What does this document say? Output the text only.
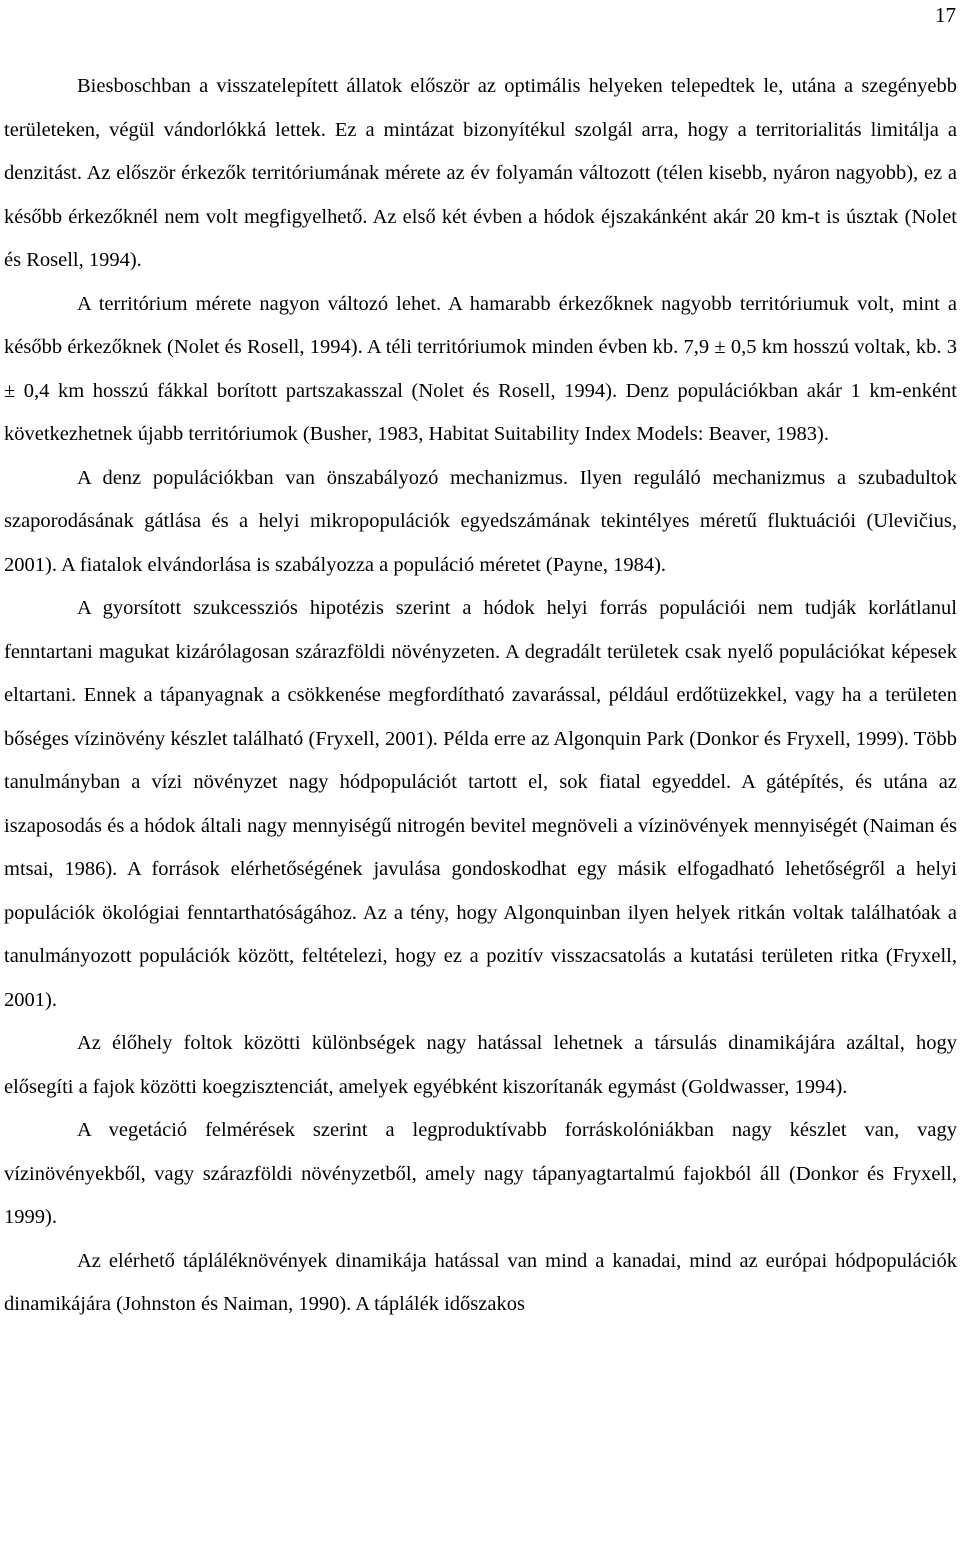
17

Biesboschban a visszatelepített állatok először az optimális helyeken telepedtek le, utána a szegényebb területeken, végül vándorlókká lettek. Ez a mintázat bizonyítékul szolgál arra, hogy a territorialitás limitálja a denzitást. Az először érkezők territóriumának mérete az év folyamán változott (télen kisebb, nyáron nagyobb), ez a később érkezőknél nem volt megfigyelhető. Az első két évben a hódok éjszakánként akár 20 km-t is úsztak (Nolet és Rosell, 1994).

A territórium mérete nagyon változó lehet. A hamarabb érkezőknek nagyobb territóriumuk volt, mint a később érkezőknek (Nolet és Rosell, 1994). A téli territóriumok minden évben kb. 7,9 ± 0,5 km hosszú voltak, kb. 3 ± 0,4 km hosszú fákkal borított partszakasszal (Nolet és Rosell, 1994). Denz populációkban akár 1 km-enként következhetnek újabb territóriumok (Busher, 1983, Habitat Suitability Index Models: Beaver, 1983).

A denz populációkban van önszabályozó mechanizmus. Ilyen reguláló mechanizmus a szubadultok szaporodásának gátlása és a helyi mikropopulációk egyedszámának tekintélyes méretű fluktuációi (Ulevičius, 2001). A fiatalok elvándorlása is szabályozza a populáció méretet (Payne, 1984).

A gyorsított szukcessziós hipotézis szerint a hódok helyi forrás populációi nem tudják korlátlanul fenntartani magukat kizárólagosan szárazföldi növényzeten. A degradált területek csak nyelő populációkat képesek eltartani. Ennek a tápanyagnak a csökkenése megfordítható zavarással, például erdőtüzekkel, vagy ha a területen bőséges vízinövény készlet található (Fryxell, 2001). Példa erre az Algonquin Park (Donkor és Fryxell, 1999). Több tanulmányban a vízi növényzet nagy hódpopulációt tartott el, sok fiatal egyeddel. A gátépítés, és utána az iszaposodás és a hódok általi nagy mennyiségű nitrogén bevitel megnöveli a vízinövények mennyiségét (Naiman és mtsai, 1986). A források elérhetőségének javulása gondoskodhat egy másik elfogadható lehetőségről a helyi populációk ökológiai fenntarthatóságához. Az a tény, hogy Algonquinban ilyen helyek ritkán voltak találhatóak a tanulmányozott populációk között, feltételezi, hogy ez a pozitív visszacsatolás a kutatási területen ritka (Fryxell, 2001).

Az élőhely foltok közötti különbségek nagy hatással lehetnek a társulás dinamikájára azáltal, hogy elősegíti a fajok közötti koegzisztenciát, amelyek egyébként kiszorítanák egymást (Goldwasser, 1994).

A vegetáció felmérések szerint a legproduktívabb forráskolóniákban nagy készlet van, vagy vízinövényekből, vagy szárazföldi növényzetből, amely nagy tápanyagtartalmú fajokból áll (Donkor és Fryxell, 1999).

Az elérhető tápláléknövények dinamikája hatással van mind a kanadai, mind az európai hódpopulációk dinamikájára (Johnston és Naiman, 1990). A táplálék időszakos
